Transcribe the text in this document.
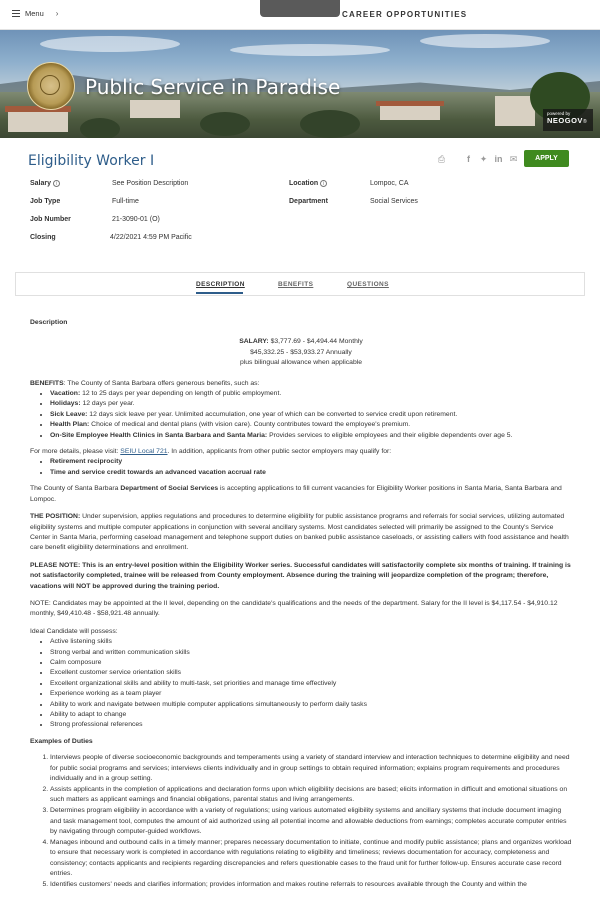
Menu ›	CAREER OPPORTUNITIES
Public Service in Paradise
powered by
NEOGOV®
Eligibility Worker I	⎙	f	✦ in ✉	APPLY
Salary i	See Position Description	Location i	Lompoc, CA
Job Type	Full-time	Department	Social Services
Job Number	21-3090-01 (O)
Closing	4/22/2021 4:59 PM Pacific
DESCRIPTION	BENEFITS	QUESTIONS
Description
SALARY: $3,777.69 - $4,494.44 Monthly
$45,332.25 - $53,933.27 Annually
plus bilingual allowance when applicable
BENEFITS: The County of Santa Barbara offers generous benefits, such as:
• Vacation: 12 to 25 days per year depending on length of public employment.
• Holidays: 12 days per year.
• Sick Leave: 12 days sick leave per year. Unlimited accumulation, one year of which can be converted to service credit upon retirement.
• Health Plan: Choice of medical and dental plans (with vision care). County contributes toward the employee's premium.
• On-Site Employee Health Clinics in Santa Barbara and Santa Maria: Provides services to eligible employees and their eligible dependents over age 5.
For more details, please visit: SEIU Local 721. In addition, applicants from other public sector employers may qualify for:
• Retirement reciprocity
• Time and service credit towards an advanced vacation accrual rate

The County of Santa Barbara Department of Social Services is accepting applications to fill current vacancies for Eligibility Worker positions in Santa Maria, Santa Barbara and Lompoc.

THE POSITION: Under supervision, applies regulations and procedures to determine eligibility for public assistance programs and referrals for social services, utilizing automated eligibility systems and multiple computer applications in conjunction with several ancillary systems. Most candidates selected will primarily be assigned to the County's Service Center in Santa Maria, performing caseload management and telephone support duties on banked public assistance caseloads, or assisting callers with food assistance and health care benefit eligibility determinations and enrollment.

PLEASE NOTE: This is an entry-level position within the Eligibility Worker series. Successful candidates will satisfactorily complete six months of training. If training is not satisfactorily completed, trainee will be released from County employment. Absence during the training will jeopardize completion of the program; therefore, vacations will NOT be approved during the training period.

NOTE: Candidates may be appointed at the II level, depending on the candidate's qualifications and the needs of the department. Salary for the II level is $4,117.54 - $4,910.12 monthly, $49,410.48 - $58,921.48 annually.

Ideal Candidate will possess:
• Active listening skills
• Strong verbal and written communication skills
• Calm composure
• Excellent customer service orientation skills
• Excellent organizational skills and ability to multi-task, set priorities and manage time effectively
• Experience working as a team player
• Ability to work and navigate between multiple computer applications simultaneously to perform daily tasks
• Ability to adapt to change
• Strong professional references
Examples of Duties
1. Interviews people of diverse socioeconomic backgrounds and temperaments using a variety of standard interview and interaction techniques to determine eligibility and need for public social programs and services; interviews clients individually and in group settings to obtain required information; explains program requirements and procedures individually and in a group setting.
2. Assists applicants in the completion of applications and declaration forms upon which eligibility decisions are based; elicits information in difficult and emotional situations on such matters as applicant earnings and financial obligations, parental status and living arrangements.
3. Determines program eligibility in accordance with a variety of regulations; using various automated eligibility systems and ancillary systems that include document imaging and task management tool, computes the amount of aid authorized using all potential income and allowable deductions from earnings; completes accurate computer entries by navigating through computer-guided workflows.
4. Manages inbound and outbound calls in a timely manner; prepares necessary documentation to initiate, continue and modify public assistance; plans and organizes workload to ensure that necessary work is completed in accordance with regulations relating to eligibility and timeliness; reviews documentation for accuracy, completeness and consistency; contacts applicants and recipients regarding discrepancies and refers questionable cases to the fraud unit for further follow-up. Ensures accurate case record entries.
5. Identifies customers' needs and clarifies information; provides information and makes routine referrals to resources available through the County and within the
